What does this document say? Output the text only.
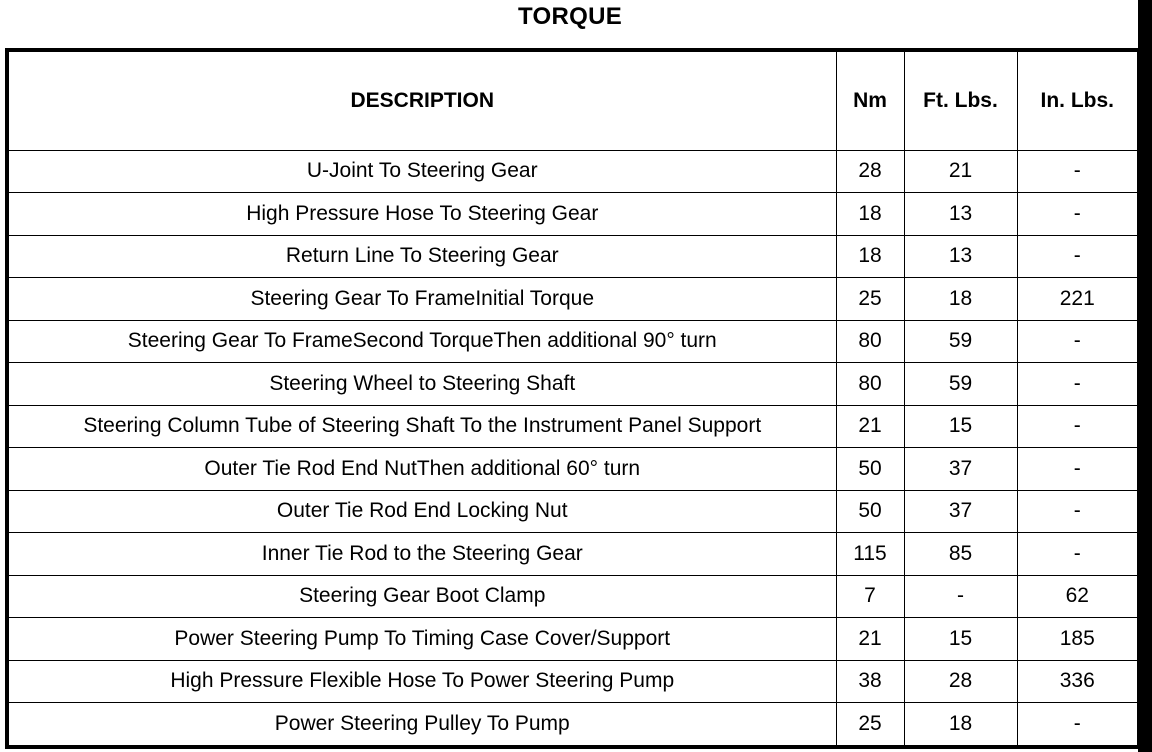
TORQUE
DESCRIPTION	Nm	Ft. Lbs.	In. Lbs.
U-Joint To Steering Gear	28	21	-
High Pressure Hose To Steering Gear	18	13	-
Return Line To Steering Gear	18	13	-
Steering Gear To FrameInitial Torque	25	18	221
Steering Gear To FrameSecond TorqueThen additional 90° turn	80	59	-
Steering Wheel to Steering Shaft	80	59	-
Steering Column Tube of Steering Shaft To the Instrument Panel Support	21	15	-
Outer Tie Rod End NutThen additional 60° turn	50	37	-
Outer Tie Rod End Locking Nut	50	37	-
Inner Tie Rod to the Steering Gear	115	85	-
Steering Gear Boot Clamp	7	-	62
Power Steering Pump To Timing Case Cover/Support	21	15	185
High Pressure Flexible Hose To Power Steering Pump	38	28	336
Power Steering Pulley To Pump	25	18	-
